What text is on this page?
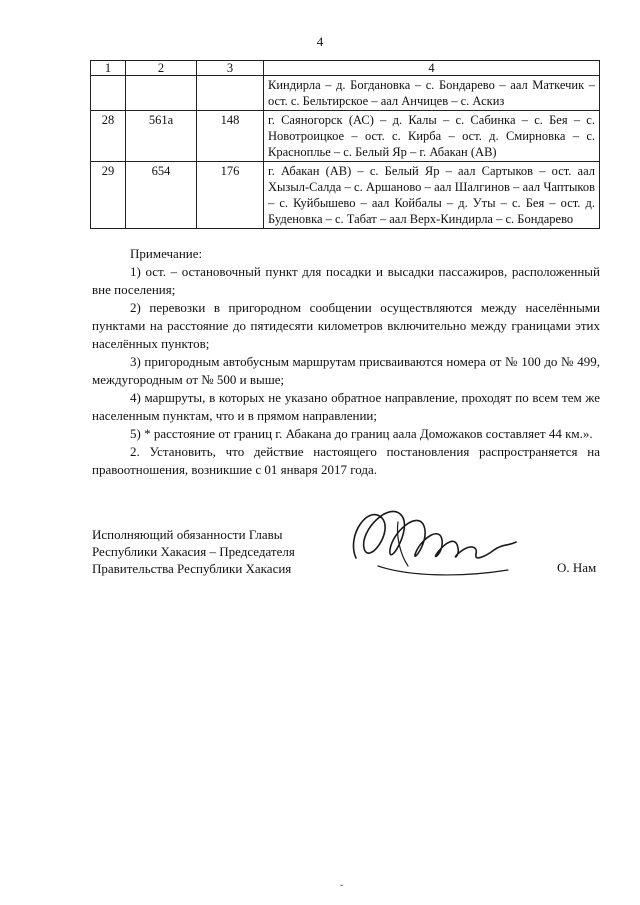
4
1	2	3	4
			Киндирла – д. Богдановка – с. Бондарево – аал Маткечик – ост. с. Бельтирское – аал Анчицев – с. Аскиз
28	561а	148	г. Саяногорск (АС) – д. Калы – с. Сабинка – с. Бея – с. Новотроицкое – ост. с. Кирба – ост. д. Смирновка – с. Красноплье – с. Белый Яр – г. Абакан (АВ)
29	654	176	г. Абакан (АВ) – с. Белый Яр – аал Сартыков – ост. аал Хызыл-Салда – с. Аршаново – аал Шалгинов – аал Чаптыков – с. Куйбышево – аал Койбалы – д. Уты – с. Бея – ост. д. Буденовка – с. Табат – аал Верх-Киндирла – с. Бондарево

Примечание:

1) ост. – остановочный пункт для посадки и высадки пассажиров, расположенный вне поселения;

2) перевозки в пригородном сообщении осуществляются между населёнными пунктами на расстояние до пятидесяти километров включительно между границами этих населённых пунктов;

3) пригородным автобусным маршрутам присваиваются номера от № 100 до № 499, междугородным от № 500 и выше;

4) маршруты, в которых не указано обратное направление, проходят по всем тем же населенным пунктам, что и в прямом направлении;

5) * расстояние от границ г. Абакана до границ аала Доможаков составляет 44 км.».

2. Установить, что действие настоящего постановления распространяется на правоотношения, возникшие с 01 января 2017 года.

Исполняющий обязанности Главы
Республики Хакасия – Председателя
Правительства Республики Хакасия	О. Нам
ˇ
